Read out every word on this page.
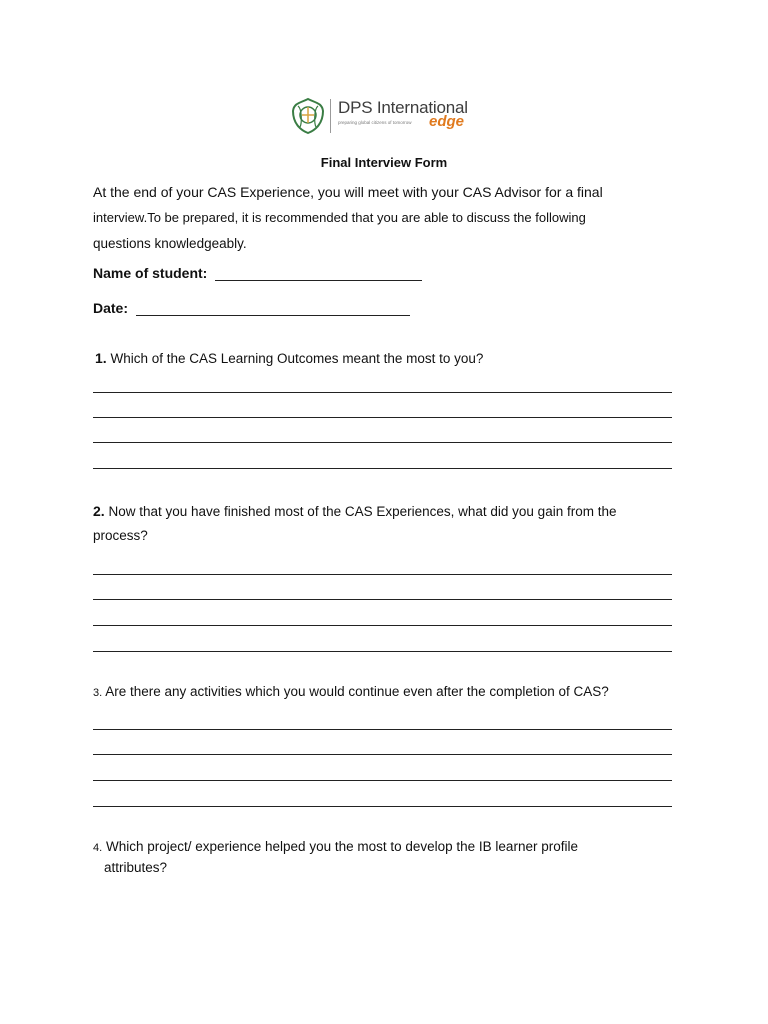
DPS International
preparing global citizens of tomorrow edge
Final Interview Form
At the end of your CAS Experience, you will meet with your CAS Advisor for a final
interview.To be prepared, it is recommended that you are able to discuss the following
questions knowledgeably.
Name of student:
Date:
1. Which of the CAS Learning Outcomes meant the most to you?
2. Now that you have finished most of the CAS Experiences, what did you gain from the process?
3. Are there any activities which you would continue even after the completion of CAS?
4. Which project/ experience helped you the most to develop the IB learner profile
attributes?
